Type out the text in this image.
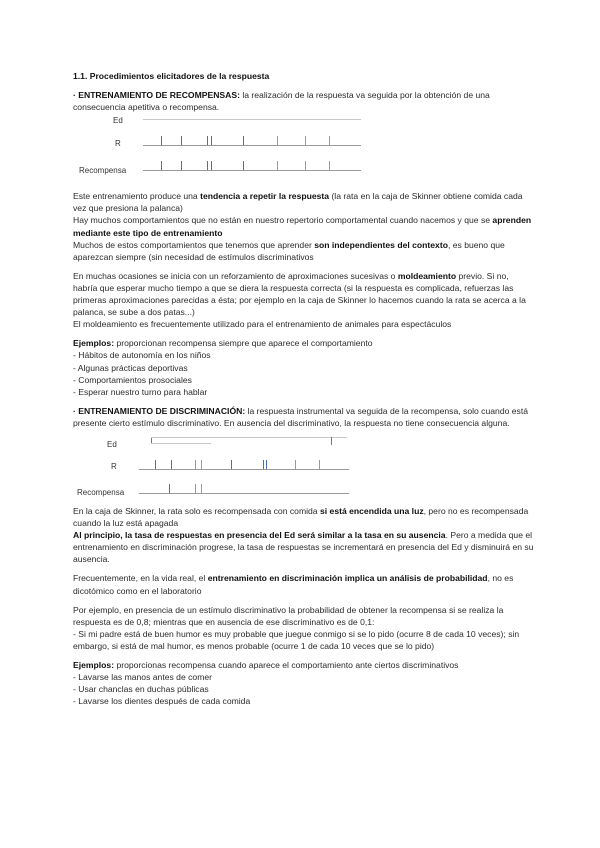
1.1. Procedimientos elicitadores de la respuesta

· ENTRENAMIENTO DE RECOMPENSAS: la realización de la respuesta va seguida por la obtención de una consecuencia apetitiva o recompensa.

Ed
R
Recompensa

Este entrenamiento produce una tendencia a repetir la respuesta (la rata en la caja de Skinner obtiene comida cada vez que presiona la palanca)

Hay muchos comportamientos que no están en nuestro repertorio comportamental cuando nacemos y que se aprenden mediante este tipo de entrenamiento

Muchos de estos comportamientos que tenemos que aprender son independientes del contexto, es bueno que aparezcan siempre (sin necesidad de estímulos discriminativos

En muchas ocasiones se inicia con un reforzamiento de aproximaciones sucesivas o moldeamiento previo. Si no, habría que esperar mucho tiempo a que se diera la respuesta correcta (si la respuesta es complicada, refuerzas las primeras aproximaciones parecidas a ésta; por ejemplo en la caja de Skinner lo hacemos cuando la rata se acerca a la palanca, se sube a dos patas...)

El moldeamiento es frecuentemente utilizado para el entrenamiento de animales para espectáculos

Ejemplos: proporcionan recompensa siempre que aparece el comportamiento

- Hábitos de autonomía en los niños

- Algunas prácticas deportivas

- Comportamientos prosociales

- Esperar nuestro turno para hablar

· ENTRENAMIENTO DE DISCRIMINACIÓN: la respuesta instrumental va seguida de la recompensa, solo cuando está presente cierto estímulo discriminativo. En ausencia del discriminativo, la respuesta no tiene consecuencia alguna.

Ed
R
Recompensa

En la caja de Skinner, la rata solo es recompensada con comida si está encendida una luz, pero no es recompensada cuando la luz está apagada

Al principio, la tasa de respuestas en presencia del Ed será similar a la tasa en su ausencia. Pero a medida que el entrenamiento en discriminación progrese, la tasa de respuestas se incrementará en presencia del Ed y disminuirá en su ausencia.

Frecuentemente, en la vida real, el entrenamiento en discriminación implica un análisis de probabilidad, no es dicotómico como en el laboratorio

Por ejemplo, en presencia de un estímulo discriminativo la probabilidad de obtener la recompensa si se realiza la respuesta es de 0,8; mientras que en ausencia de ese discriminativo es de 0,1:

- Si mi padre está de buen humor es muy probable que juegue conmigo si se lo pido (ocurre 8 de cada 10 veces); sin embargo, si está de mal humor, es menos probable (ocurre 1 de cada 10 veces que se lo pido)

Ejemplos: proporcionas recompensa cuando aparece el comportamiento ante ciertos discriminativos

- Lavarse las manos antes de comer

- Usar chanclas en duchas públicas

- Lavarse los dientes después de cada comida
